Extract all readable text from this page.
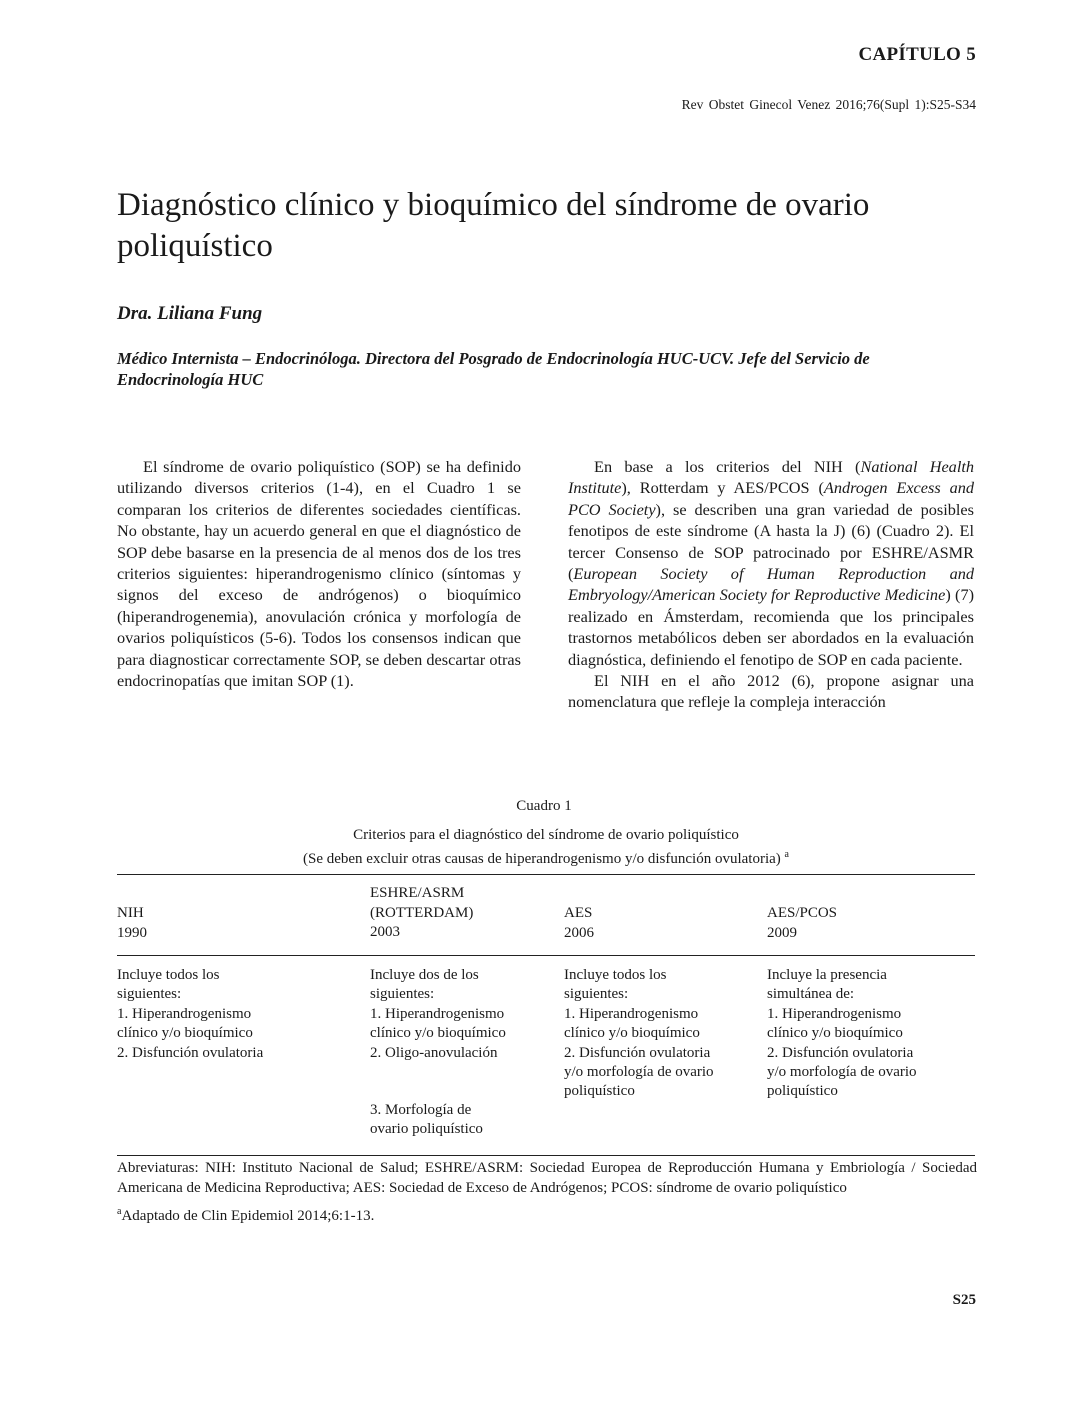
CAPÍTULO 5
Rev Obstet Ginecol Venez 2016;76(Supl 1):S25-S34
Diagnóstico clínico y bioquímico del síndrome de ovario poliquístico
Dra. Liliana Fung
Médico Internista – Endocrinóloga. Directora del Posgrado de Endocrinología HUC-UCV. Jefe del Servicio de Endocrinología HUC

El síndrome de ovario poliquístico (SOP) se ha definido utilizando diversos criterios (1-4), en el Cuadro 1 se comparan los criterios de diferentes sociedades científicas. No obstante, hay un acuerdo general en que el diagnóstico de SOP debe basarse en la presencia de al menos dos de los tres criterios siguientes: hiperandrogenismo clínico (síntomas y signos del exceso de andrógenos) o bioquímico (hiperandrogenemia), anovulación crónica y morfología de ovarios poliquísticos (5-6). Todos los consensos indican que para diagnosticar correctamente SOP, se deben descartar otras endocrinopatías que imitan SOP (1).

En base a los criterios del NIH (National Health Institute), Rotterdam y AES/PCOS (Androgen Excess and PCO Society), se describen una gran variedad de posibles fenotipos de este síndrome (A hasta la J) (6) (Cuadro 2). El tercer Consenso de SOP patrocinado por ESHRE/ASMR (European Society of Human Reproduction and Embryology/American Society for Reproductive Medicine) (7) realizado en Ámsterdam, recomienda que los principales trastornos metabólicos deben ser abordados en la evaluación diagnóstica, definiendo el fenotipo de SOP en cada paciente.

El NIH en el año 2012 (6), propone asignar una nomenclatura que refleje la compleja interacción

Cuadro 1
Criterios para el diagnóstico del síndrome de ovario poliquístico
(Se deben excluir otras causas de hiperandrogenismo y/o disfunción ovulatoria) $^a$
NIH
1990
ESHRE/ASRM
(ROTTERDAM)
2003
AES
2006
AES/PCOS
2009
Incluye todos los
siguientes:
1. Hiperandrogenismo
clínico y/o bioquímico
2. Disfunción ovulatoria
Incluye dos de los
siguientes:
1. Hiperandrogenismo
clínico y/o bioquímico
2. Oligo-anovulación
3. Morfología de
ovario poliquístico
Incluye todos los
siguientes:
1. Hiperandrogenismo
clínico y/o bioquímico
2. Disfunción ovulatoria
y/o morfología de ovario
poliquístico
Incluye la presencia
simultánea de:
1. Hiperandrogenismo
clínico y/o bioquímico
2. Disfunción ovulatoria
y/o morfología de ovario
poliquístico

Abreviaturas: NIH: Instituto Nacional de Salud; ESHRE/ASRM: Sociedad Europea de Reproducción Humana y Embriología / Sociedad Americana de Medicina Reproductiva; AES: Sociedad de Exceso de Andrógenos; PCOS: síndrome de ovario poliquístico

$^a$Adaptado de Clin Epidemiol 2014;6:1-13.

S25
